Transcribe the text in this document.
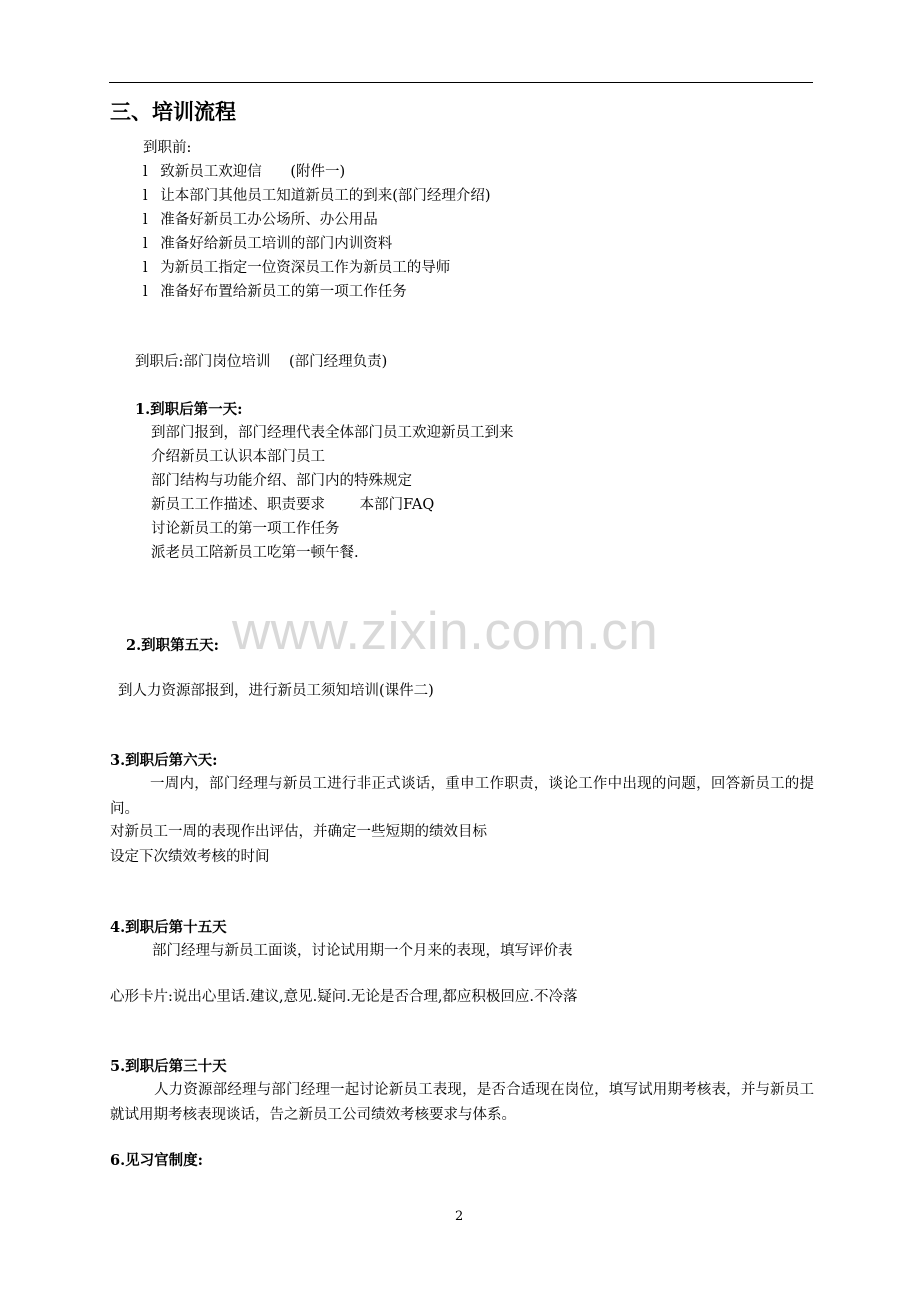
三、培训流程
到职前:
l 致新员工欢迎信 (附件一)
l 让本部门其他员工知道新员工的到来(部门经理介绍)
l 准备好新员工办公场所、办公用品
l 准备好给新员工培训的部门内训资料
l 为新员工指定一位资深员工作为新员工的导师
l 准备好布置给新员工的第一项工作任务
到职后:部门岗位培训 (部门经理负责)
1.到职后第一天:
到部门报到，部门经理代表全体部门员工欢迎新员工到来
介绍新员工认识本部门员工
部门结构与功能介绍、部门内的特殊规定
新员工工作描述、职责要求 本部门FAQ
讨论新员工的第一项工作任务
派老员工陪新员工吃第一顿午餐.
www.zixin.com.cn
2.到职第五天:
到人力资源部报到，进行新员工须知培训(课件二)
3.到职后第六天:
一周内，部门经理与新员工进行非正式谈话，重申工作职责，谈论工作中出现的问题，回答新员工的提问。
对新员工一周的表现作出评估，并确定一些短期的绩效目标
设定下次绩效考核的时间
4.到职后第十五天
部门经理与新员工面谈，讨论试用期一个月来的表现，填写评价表
心形卡片:说出心里话.建议,意见.疑问.无论是否合理,都应积极回应.不冷落
5.到职后第三十天
人力资源部经理与部门经理一起讨论新员工表现，是否合适现在岗位，填写试用期考核表，并与新员工就试用期考核表现谈话，告之新员工公司绩效考核要求与体系。
6.见习官制度:
2
